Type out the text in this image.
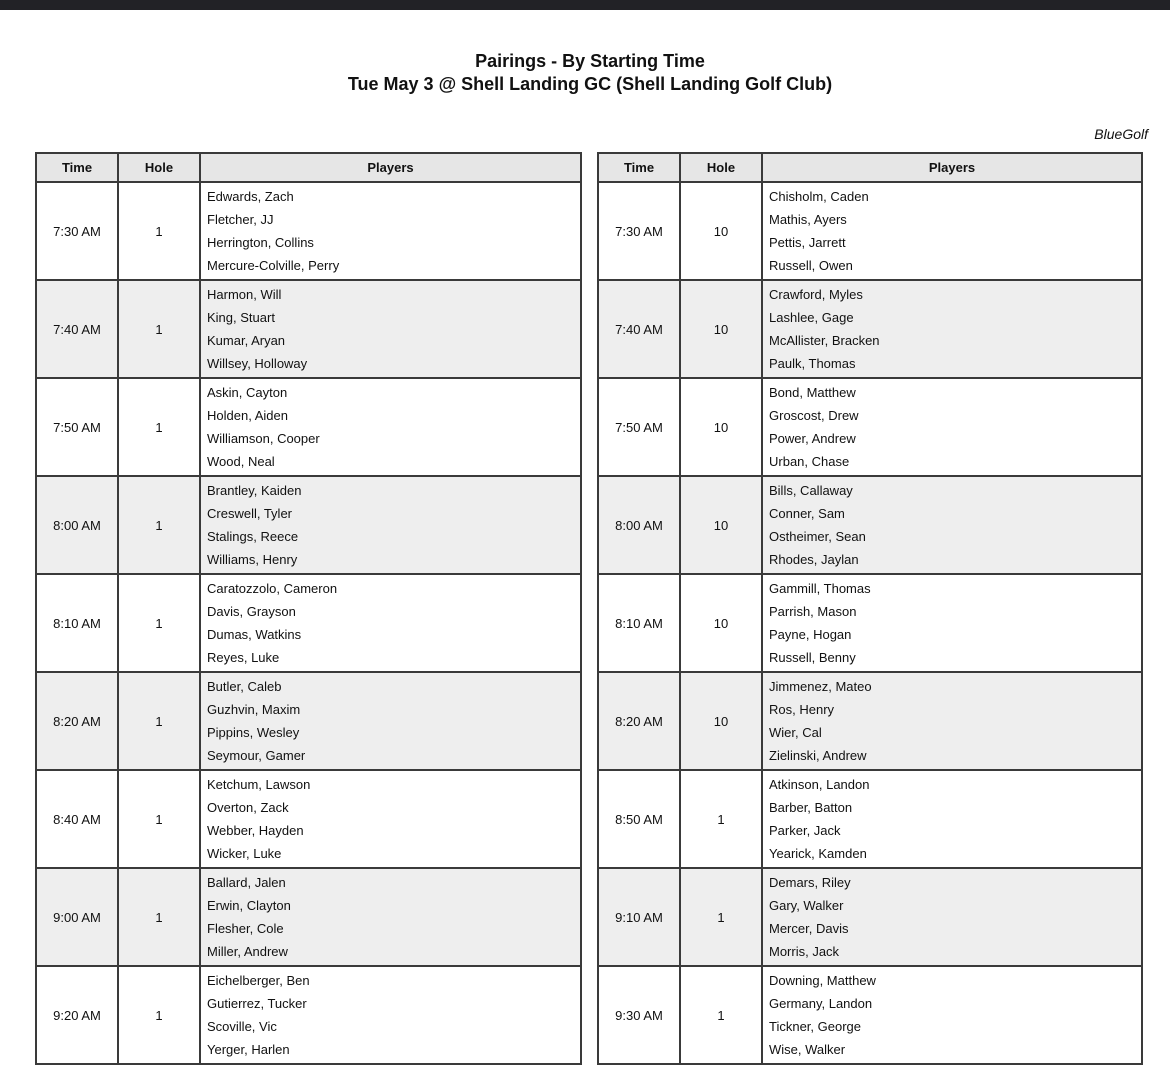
Pairings - By Starting Time
Tue May 3 @ Shell Landing GC (Shell Landing Golf Club)
BlueGolf
Time	Hole	Players
7:30 AM	1	Edwards, Zach
Fletcher, JJ
Herrington, Collins
Mercure-Colville, Perry

7:40 AM	1	Harmon, Will
King, Stuart
Kumar, Aryan
Willsey, Holloway

7:50 AM	1	Askin, Cayton
Holden, Aiden
Williamson, Cooper
Wood, Neal

8:00 AM	1	Brantley, Kaiden
Creswell, Tyler
Stalings, Reece
Williams, Henry

8:10 AM	1	Caratozzolo, Cameron
Davis, Grayson
Dumas, Watkins
Reyes, Luke

8:20 AM	1	Butler, Caleb
Guzhvin, Maxim
Pippins, Wesley
Seymour, Gamer

8:40 AM	1	Ketchum, Lawson
Overton, Zack
Webber, Hayden
Wicker, Luke

9:00 AM	1	Ballard, Jalen
Erwin, Clayton
Flesher, Cole
Miller, Andrew

9:20 AM	1	Eichelberger, Ben
Gutierrez, Tucker
Scoville, Vic
Yerger, Harlen
Time	Hole	Players
7:30 AM	10	Chisholm, Caden
Mathis, Ayers
Pettis, Jarrett
Russell, Owen

7:40 AM	10	Crawford, Myles
Lashlee, Gage
McAllister, Bracken
Paulk, Thomas

7:50 AM	10	Bond, Matthew
Groscost, Drew
Power, Andrew
Urban, Chase

8:00 AM	10	Bills, Callaway
Conner, Sam
Ostheimer, Sean
Rhodes, Jaylan

8:10 AM	10	Gammill, Thomas
Parrish, Mason
Payne, Hogan
Russell, Benny

8:20 AM	10	Jimmenez, Mateo
Ros, Henry
Wier, Cal
Zielinski, Andrew

8:50 AM	1	Atkinson, Landon
Barber, Batton
Parker, Jack
Yearick, Kamden

9:10 AM	1	Demars, Riley
Gary, Walker
Mercer, Davis
Morris, Jack

9:30 AM	1	Downing, Matthew
Germany, Landon
Tickner, George
Wise, Walker
